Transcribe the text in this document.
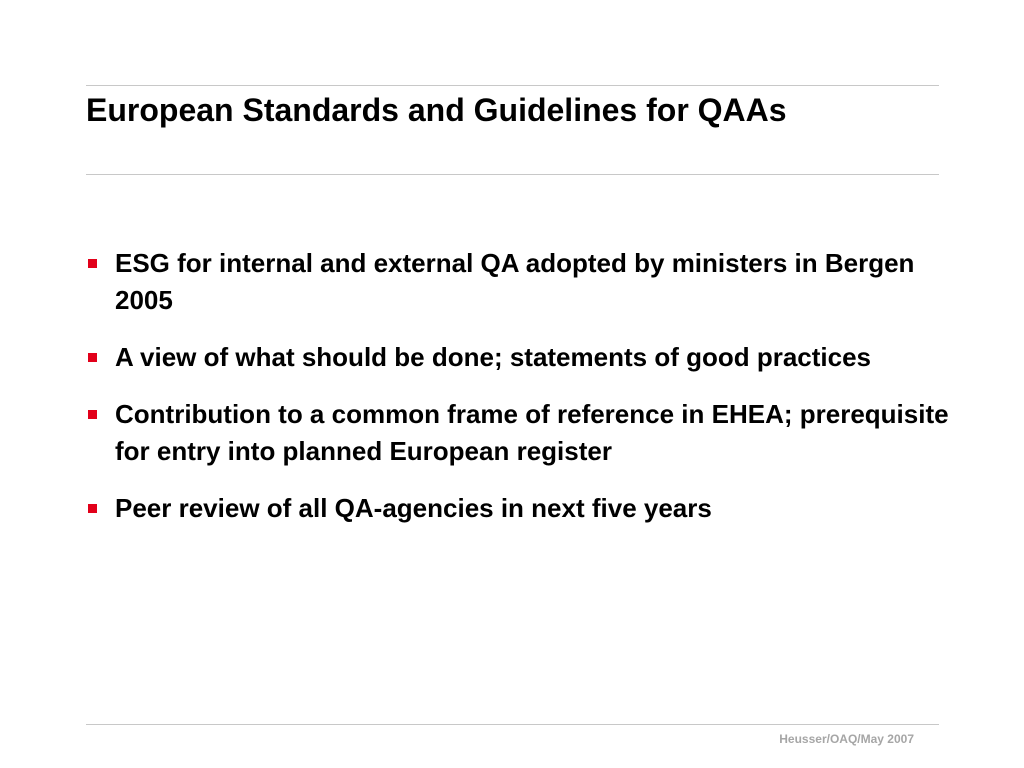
European Standards and Guidelines for QAAs
ESG for internal and external QA adopted by ministers in Bergen 2005
A view of what should be done; statements of good practices
Contribution to a common frame of reference in EHEA; prerequisite for entry into planned European register
Peer review of all QA-agencies in next five years
Heusser/OAQ/May 2007
